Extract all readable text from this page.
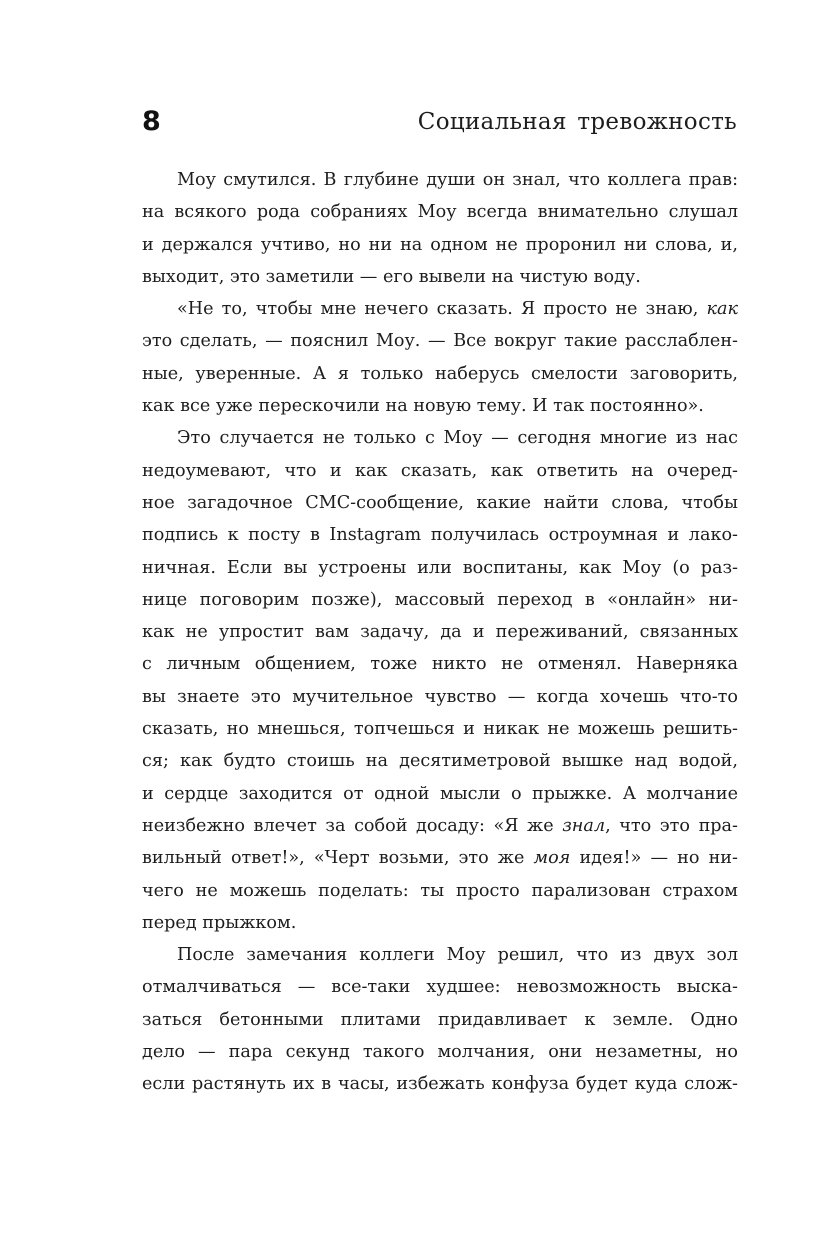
8	Социальная тревожность

Моу смутился. В глубине души он знал, что коллега прав:
на всякого рода собраниях Моу всегда внимательно слушал
и держался учтиво, но ни на одном не проронил ни слова, и,
выходит, это заметили — его вывели на чистую воду.

«Не то, чтобы мне нечего сказать. Я просто не знаю, как
это сделать, — пояснил Моу. — Все вокруг такие расслаблен-
ные, уверенные. А я только наберусь смелости заговорить,
как все уже перескочили на новую тему. И так постоянно».

Это случается не только с Моу — сегодня многие из нас
недоумевают, что и как сказать, как ответить на очеред-
ное загадочное СМС-сообщение, какие найти слова, чтобы
подпись к посту в Instagram получилась остроумная и лако-
ничная. Если вы устроены или воспитаны, как Моу (о раз-
нице поговорим позже), массовый переход в «онлайн» ни-
как не упростит вам задачу, да и переживаний, связанных
с личным общением, тоже никто не отменял. Наверняка
вы знаете это мучительное чувство — когда хочешь что-то
сказать, но мнешься, топчешься и никак не можешь решить-
ся; как будто стоишь на десятиметровой вышке над водой,
и сердце заходится от одной мысли о прыжке. А молчание
неизбежно влечет за собой досаду: «Я же знал, что это пра-
вильный ответ!», «Черт возьми, это же моя идея!» — но ни-
чего не можешь поделать: ты просто парализован страхом
перед прыжком.

После замечания коллеги Моу решил, что из двух зол
отмалчиваться — все-таки худшее: невозможность выска-
заться бетонными плитами придавливает к земле. Одно
дело — пара секунд такого молчания, они незаметны, но
если растянуть их в часы, избежать конфуза будет куда слож-
